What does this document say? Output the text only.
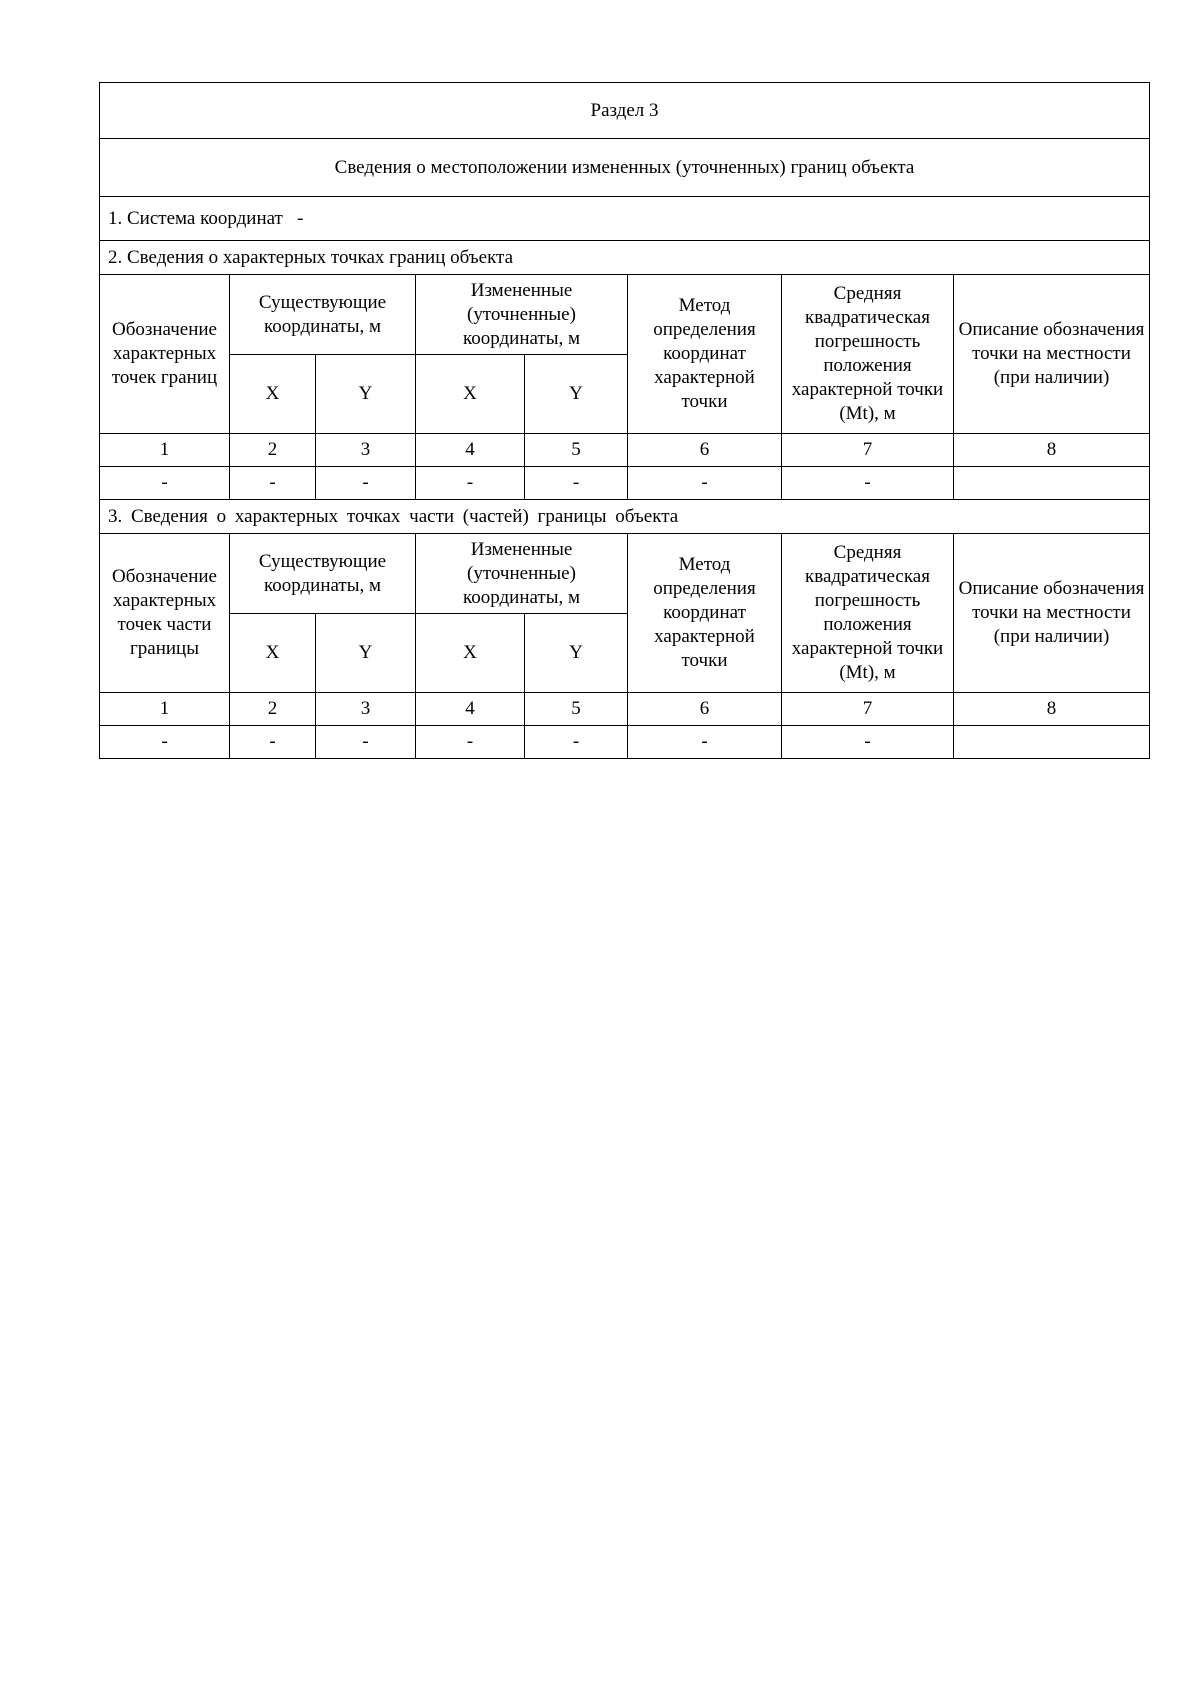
Раздел 3							
Сведения о местоположении измененных (уточненных) границ объекта							
1. Система координат -							
2. Сведения о характерных точках границ объекта							
Обозначение характерных точек границ	Существующие координаты, м		Измененные (уточненные) координаты, м		Метод определения координат характерной точки	Средняя квадратическая погрешность положения характерной точки (Mt), м	Описание обозначения точки на местности (при наличии)
	X	Y	X	Y			
1	2	3	4	5	6	7	8
-	-	-	-	-	-	-	
3. Сведения о характерных точках части (частей) границы объекта							
Обозначение характерных точек части границы	Существующие координаты, м		Измененные (уточненные) координаты, м		Метод определения координат характерной точки	Средняя квадратическая погрешность положения характерной точки (Mt), м	Описание обозначения точки на местности (при наличии)
	X	Y	X	Y			
1	2	3	4	5	6	7	8
-	-	-	-	-	-	-	
